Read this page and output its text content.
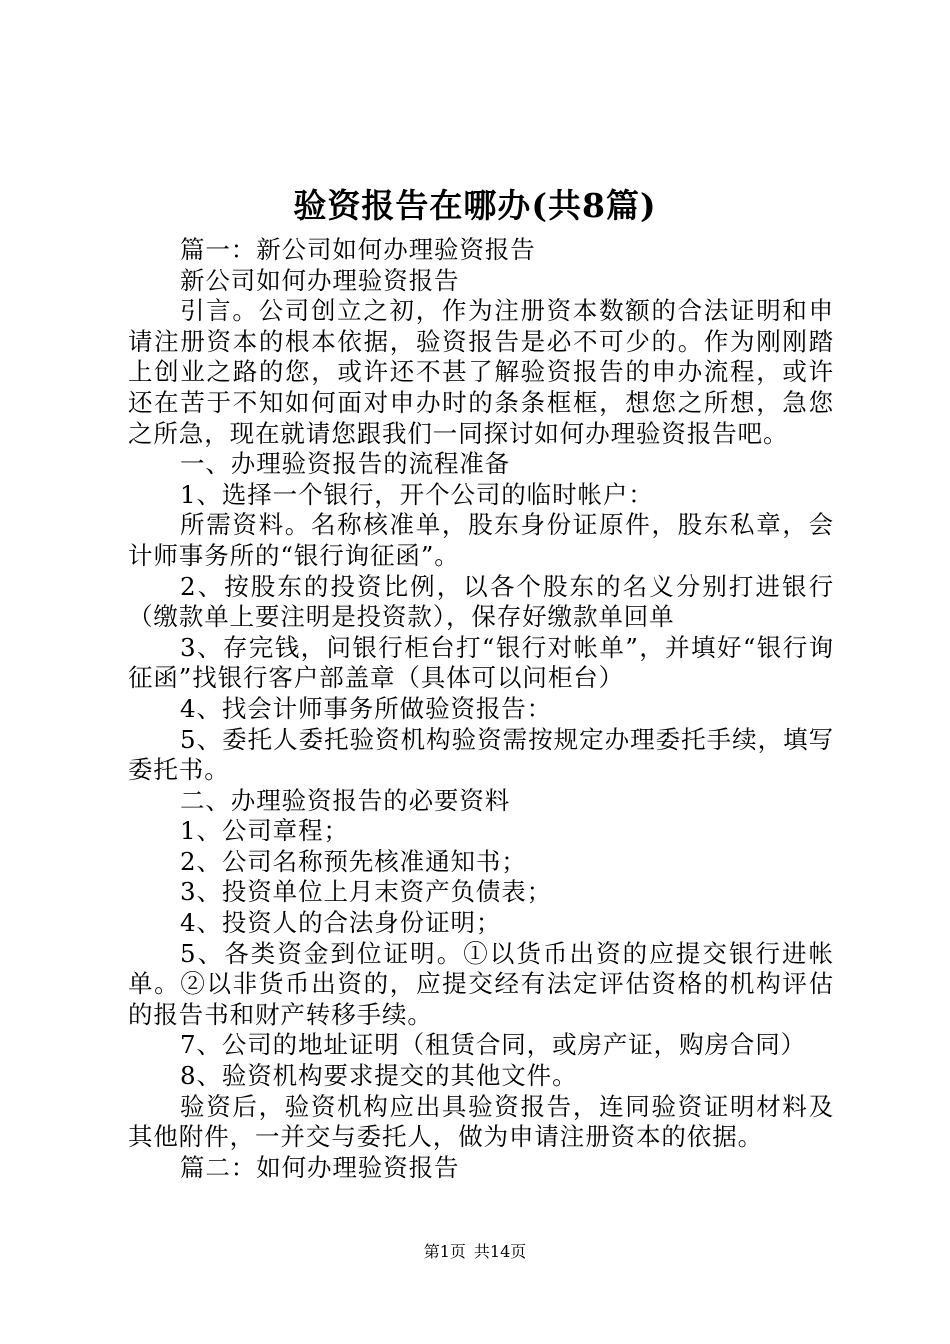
验资报告在哪办(共8篇)

篇一：新公司如何办理验资报告

新公司如何办理验资报告

引言。公司创立之初，作为注册资本数额的合法证明和申请注册资本的根本依据，验资报告是必不可少的。作为刚刚踏上创业之路的您，或许还不甚了解验资报告的申办流程，或许还在苦于不知如何面对申办时的条条框框，想您之所想，急您之所急，现在就请您跟我们一同探讨如何办理验资报告吧。

一、办理验资报告的流程准备

1、选择一个银行，开个公司的临时帐户：

所需资料。名称核准单，股东身份证原件，股东私章，会计师事务所的“银行询征函”。

2、按股东的投资比例，以各个股东的名义分别打进银行（缴款单上要注明是投资款），保存好缴款单回单

3、存完钱，问银行柜台打“银行对帐单”，并填好“银行询征函”找银行客户部盖章（具体可以问柜台）

4、找会计师事务所做验资报告：

5、委托人委托验资机构验资需按规定办理委托手续，填写委托书。

二、办理验资报告的必要资料

1、公司章程；

2、公司名称预先核准通知书；

3、投资单位上月末资产负债表；

4、投资人的合法身份证明；

5、各类资金到位证明。①以货币出资的应提交银行进帐单。②以非货币出资的，应提交经有法定评估资格的机构评估的报告书和财产转移手续。

7、公司的地址证明（租赁合同，或房产证，购房合同）

8、验资机构要求提交的其他文件。

验资后，验资机构应出具验资报告，连同验资证明材料及其他附件，一并交与委托人，做为申请注册资本的依据。

篇二：如何办理验资报告

第1页 共14页
